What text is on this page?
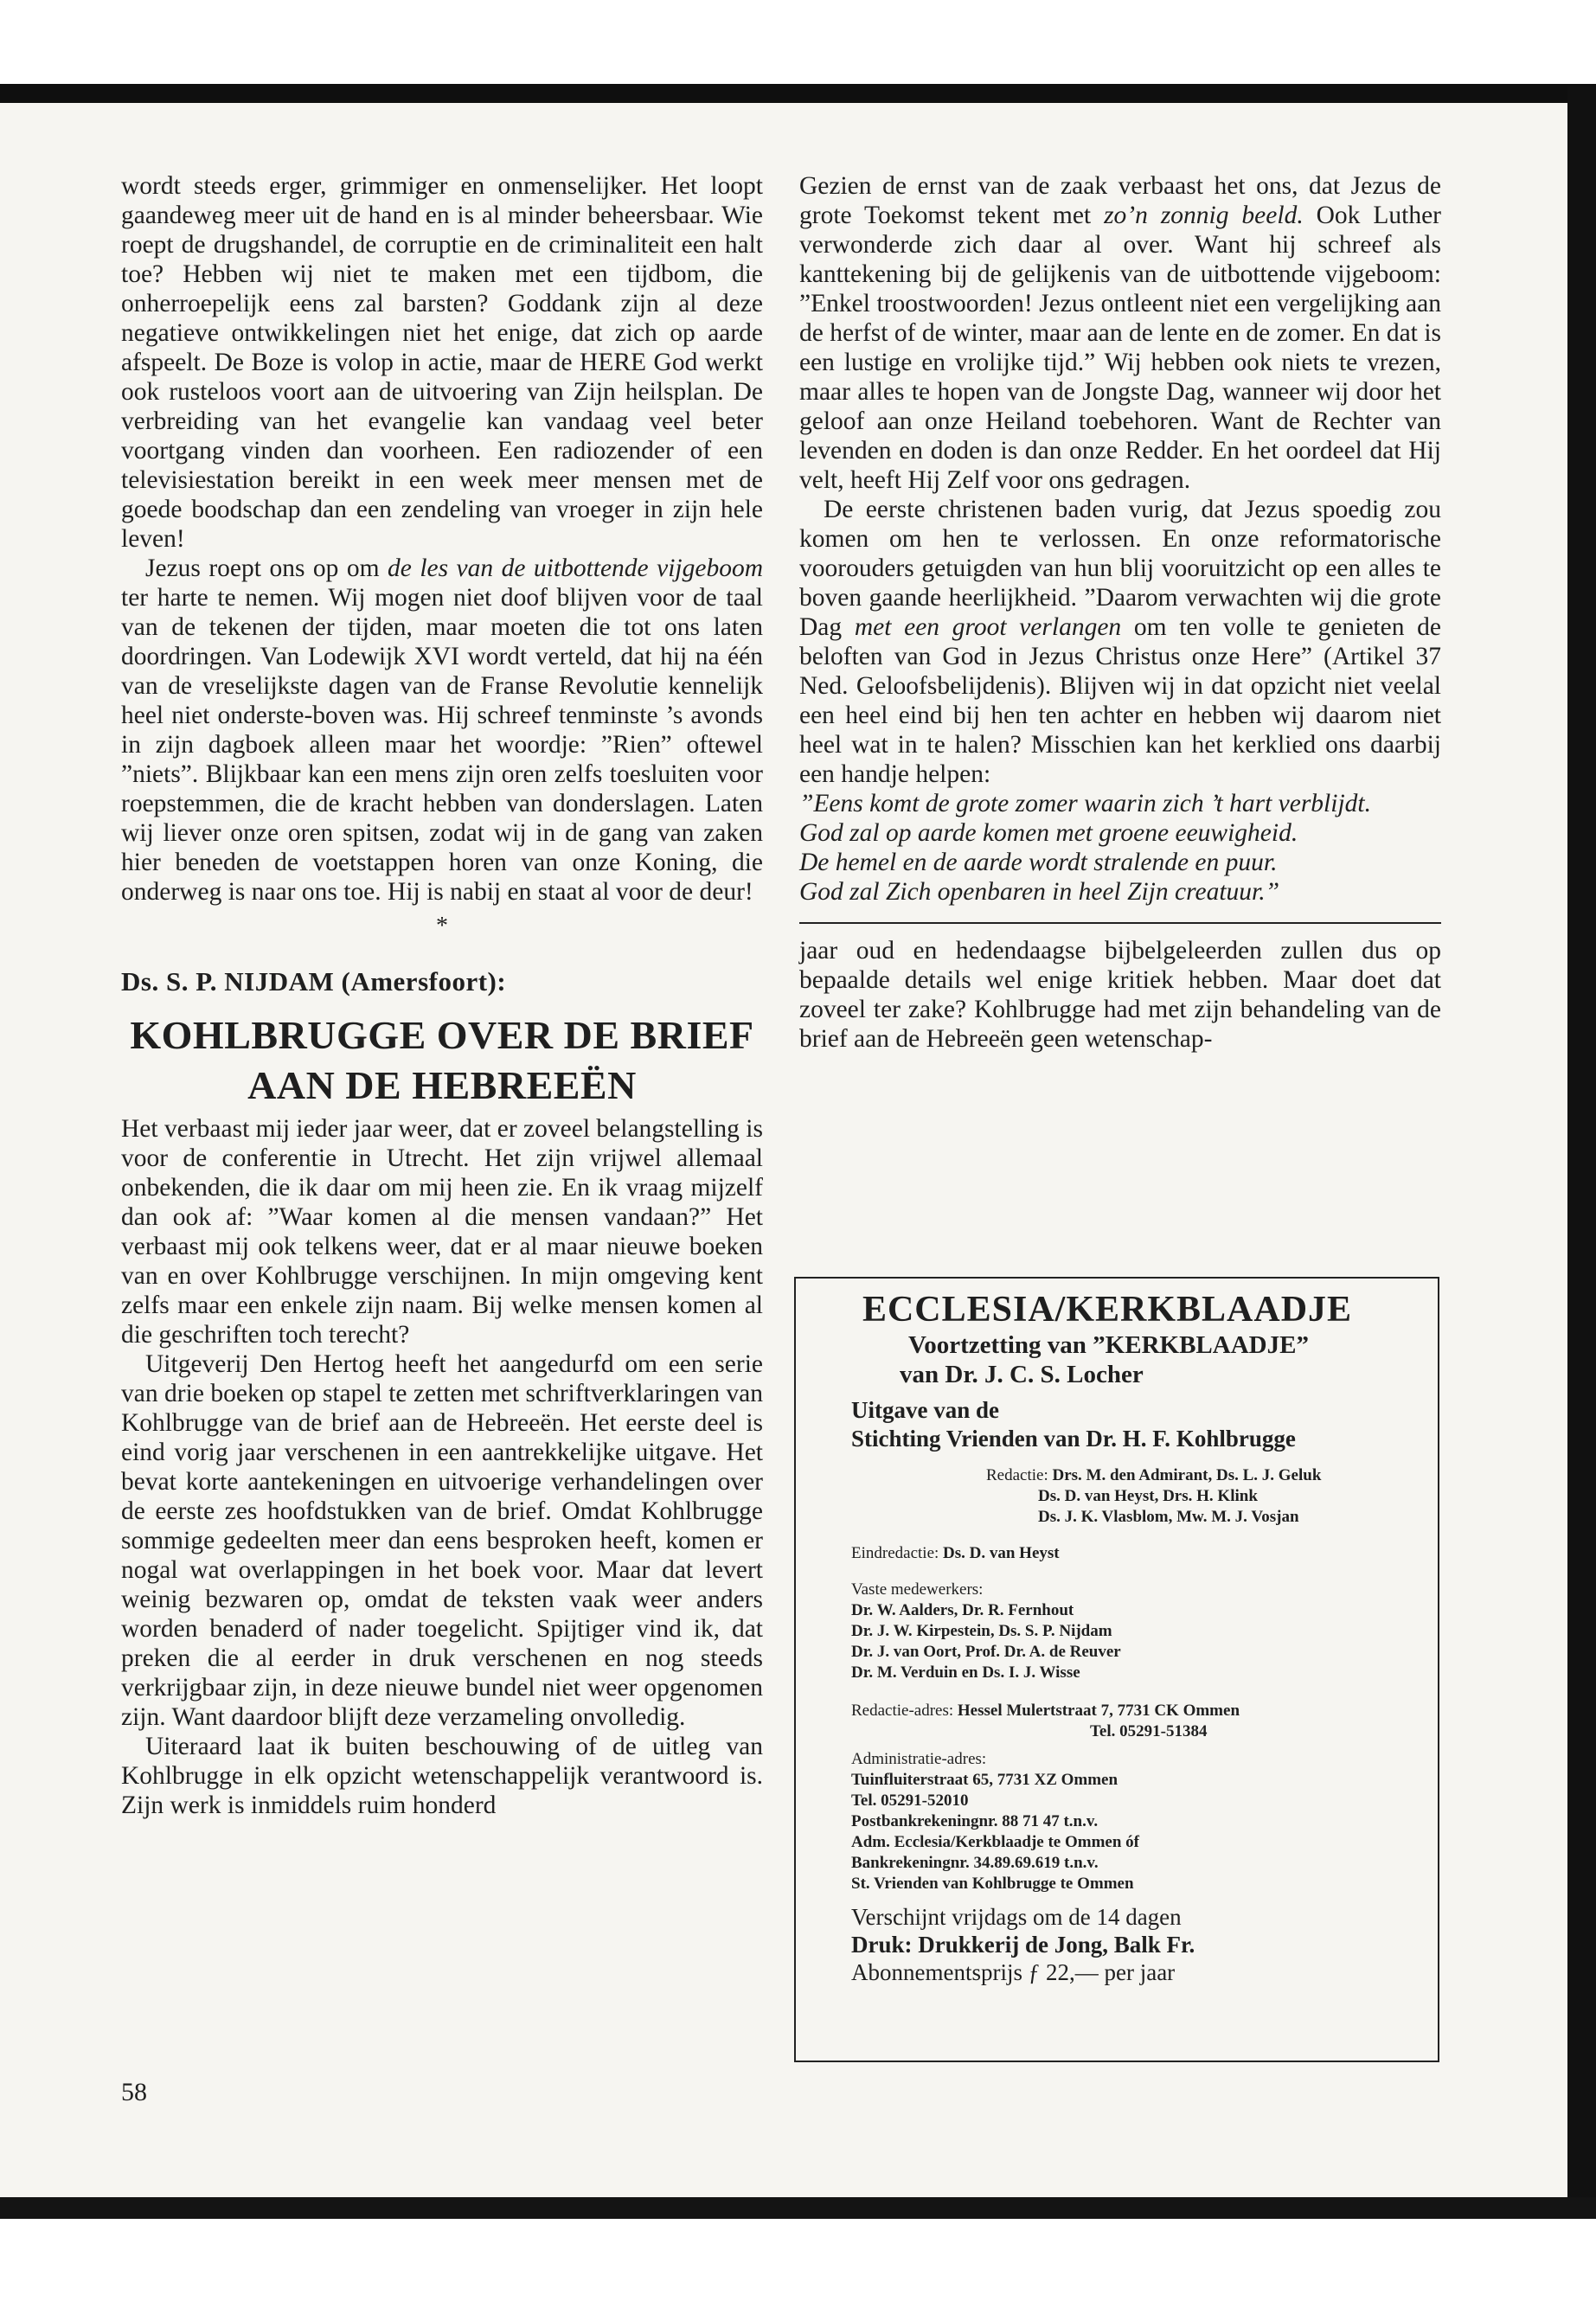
wordt steeds erger, grimmiger en onmenselijker. Het loopt gaandeweg meer uit de hand en is al minder beheersbaar. Wie roept de drugshandel, de corruptie en de criminaliteit een halt toe? Hebben wij niet te maken met een tijdbom, die onherroepelijk eens zal barsten? Goddank zijn al deze negatieve ontwikkelingen niet het enige, dat zich op aarde afspeelt. De Boze is volop in actie, maar de HERE God werkt ook rusteloos voort aan de uitvoering van Zijn heilsplan. De verbreiding van het evangelie kan vandaag veel beter voortgang vinden dan voorheen. Een radiozender of een televisiestation bereikt in een week meer mensen met de goede boodschap dan een zendeling van vroeger in zijn hele leven!

Jezus roept ons op om de les van de uitbottende vijgeboom ter harte te nemen. Wij mogen niet doof blijven voor de taal van de tekenen der tijden, maar moeten die tot ons laten doordringen. Van Lodewijk XVI wordt verteld, dat hij na één van de vreselijkste dagen van de Franse Revolutie kennelijk heel niet onderste-boven was. Hij schreef tenminste ’s avonds in zijn dagboek alleen maar het woordje: ”Rien” oftewel ”niets”. Blijkbaar kan een mens zijn oren zelfs toesluiten voor roepstemmen, die de kracht hebben van donderslagen. Laten wij liever onze oren spitsen, zodat wij in de gang van zaken hier beneden de voetstappen horen van onze Koning, die onderweg is naar ons toe. Hij is nabij en staat al voor de deur!

*
Ds. S. P. NIJDAM (Amersfoort):
KOHLBRUGGE OVER DE BRIEF
AAN DE HEBREEËN

Het verbaast mij ieder jaar weer, dat er zoveel belangstelling is voor de conferentie in Utrecht. Het zijn vrijwel allemaal onbekenden, die ik daar om mij heen zie. En ik vraag mijzelf dan ook af: ”Waar komen al die mensen vandaan?” Het verbaast mij ook telkens weer, dat er al maar nieuwe boeken van en over Kohlbrugge verschijnen. In mijn omgeving kent zelfs maar een enkele zijn naam. Bij welke mensen komen al die geschriften toch terecht?

Uitgeverij Den Hertog heeft het aangedurfd om een serie van drie boeken op stapel te zetten met schriftverklaringen van Kohlbrugge van de brief aan de Hebreeën. Het eerste deel is eind vorig jaar verschenen in een aantrekkelijke uitgave. Het bevat korte aantekeningen en uitvoerige verhandelingen over de eerste zes hoofdstukken van de brief. Omdat Kohlbrugge sommige gedeelten meer dan eens besproken heeft, komen er nogal wat overlappingen in het boek voor. Maar dat levert weinig bezwaren op, omdat de teksten vaak weer anders worden benaderd of nader toegelicht. Spijtiger vind ik, dat preken die al eerder in druk verschenen en nog steeds verkrijgbaar zijn, in deze nieuwe bundel niet weer opgenomen zijn. Want daardoor blijft deze verzameling onvolledig.

Uiteraard laat ik buiten beschouwing of de uitleg van Kohlbrugge in elk opzicht wetenschappelijk verantwoord is. Zijn werk is inmiddels ruim honderd

58

Gezien de ernst van de zaak verbaast het ons, dat Jezus de grote Toekomst tekent met zo’n zonnig beeld. Ook Luther verwonderde zich daar al over. Want hij schreef als kanttekening bij de gelijkenis van de uitbottende vijgeboom: ”Enkel troostwoorden! Jezus ontleent niet een vergelijking aan de herfst of de winter, maar aan de lente en de zomer. En dat is een lustige en vrolijke tijd.” Wij hebben ook niets te vrezen, maar alles te hopen van de Jongste Dag, wanneer wij door het geloof aan onze Heiland toebehoren. Want de Rechter van levenden en doden is dan onze Redder. En het oordeel dat Hij velt, heeft Hij Zelf voor ons gedragen.

De eerste christenen baden vurig, dat Jezus spoedig zou komen om hen te verlossen. En onze reformatorische voorouders getuigden van hun blij vooruitzicht op een alles te boven gaande heerlijkheid. ”Daarom verwachten wij die grote Dag met een groot verlangen om ten volle te genieten de beloften van God in Jezus Christus onze Here” (Artikel 37 Ned. Geloofsbelijdenis). Blijven wij in dat opzicht niet veelal een heel eind bij hen ten achter en hebben wij daarom niet heel wat in te halen? Misschien kan het kerklied ons daarbij een handje helpen:

”Eens komt de grote zomer waarin zich ’t hart verblijdt.

God zal op aarde komen met groene eeuwigheid.

De hemel en de aarde wordt stralende en puur.

God zal Zich openbaren in heel Zijn creatuur.”

jaar oud en hedendaagse bijbelgeleerden zullen dus op bepaalde details wel enige kritiek hebben. Maar doet dat zoveel ter zake? Kohlbrugge had met zijn behandeling van de brief aan de Hebreeën geen wetenschap-

ECCLESIA/KERKBLAADJE
Voortzetting van ”KERKBLAADJE”
van Dr. J. C. S. Locher
Uitgave van de
Stichting Vrienden van Dr. H. F. Kohlbrugge
Redactie: Drs. M. den Admirant, Ds. L. J. Geluk
Ds. D. van Heyst, Drs. H. Klink
Ds. J. K. Vlasblom, Mw. M. J. Vosjan
Eindredactie: Ds. D. van Heyst
Vaste medewerkers:
Dr. W. Aalders, Dr. R. Fernhout
Dr. J. W. Kirpestein, Ds. S. P. Nijdam
Dr. J. van Oort, Prof. Dr. A. de Reuver
Dr. M. Verduin en Ds. I. J. Wisse
Redactie-adres: Hessel Mulertstraat 7, 7731 CK Ommen
Tel. 05291-51384
Administratie-adres:
Tuinfluiterstraat 65, 7731 XZ Ommen
Tel. 05291-52010
Postbankrekeningnr. 88 71 47 t.n.v.
Adm. Ecclesia/Kerkblaadje te Ommen óf
Bankrekeningnr. 34.89.69.619 t.n.v.
St. Vrienden van Kohlbrugge te Ommen
Verschijnt vrijdags om de 14 dagen
Druk: Drukkerij de Jong, Balk Fr.
Abonnementsprijs ƒ 22,— per jaar
